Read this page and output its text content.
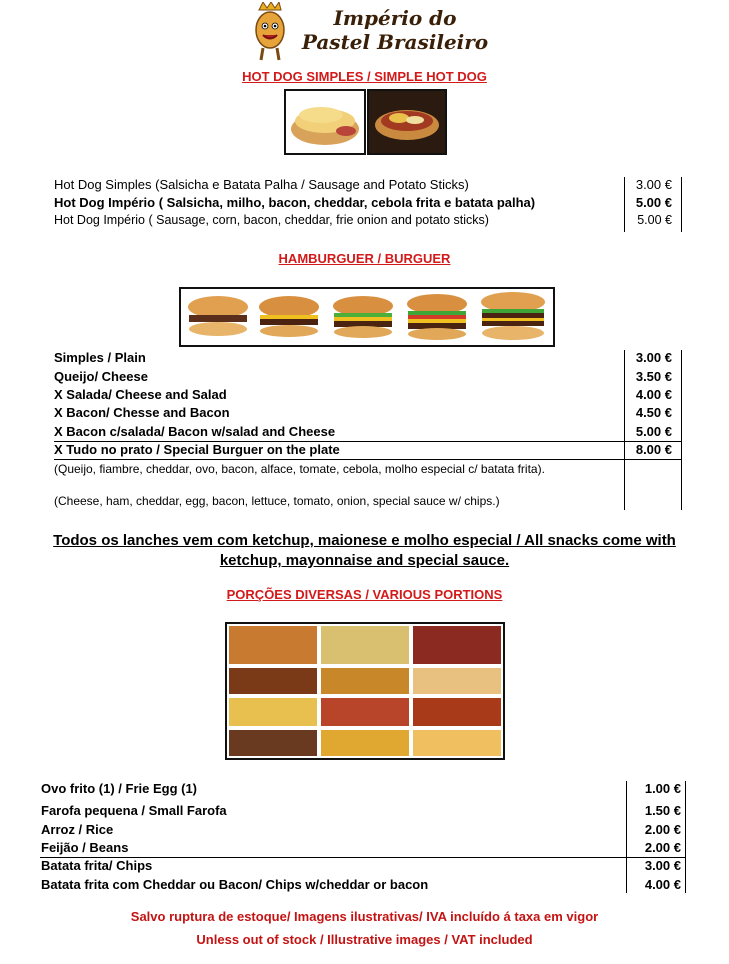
Império do
Pastel Brasileiro
HOT DOG SIMPLES / SIMPLE HOT DOG
Hot Dog Simples (Salsicha e Batata Palha / Sausage and Potato Sticks)	3.00 €
Hot Dog Império ( Salsicha, milho, bacon, cheddar, cebola frita e batata palha)	5.00 €
Hot Dog Império ( Sausage, corn, bacon, cheddar, frie onion and potato sticks)	5.00 €
HAMBURGUER / BURGUER
Simples / Plain	3.00 €
Queijo/ Cheese	3.50 €
X Salada/ Cheese and Salad	4.00 €
X Bacon/ Chesse and Bacon	4.50 €
X Bacon c/salada/ Bacon w/salad and Cheese	5.00 €
X Tudo no prato / Special Burguer on the plate	8.00 €
(Queijo, fiambre, cheddar, ovo, bacon, alface, tomate, cebola, molho especial c/ batata frita).
(Cheese, ham, cheddar, egg, bacon, lettuce, tomato, onion, special sauce w/ chips.)
Todos os lanches vem com ketchup, maionese e molho especial / All snacks come with ketchup, mayonnaise and special sauce.
PORÇÕES DIVERSAS / VARIOUS PORTIONS
Ovo frito (1) / Frie Egg (1)	1.00 €
Farofa pequena / Small Farofa	1.50 €
Arroz / Rice	2.00 €
Feijão / Beans	2.00 €
Batata frita/ Chips	3.00 €
Batata frita com Cheddar ou Bacon/ Chips w/cheddar or bacon	4.00 €
Salvo ruptura de estoque/ Imagens ilustrativas/ IVA incluído á taxa em vigor
Unless out of stock / Illustrative images / VAT included
